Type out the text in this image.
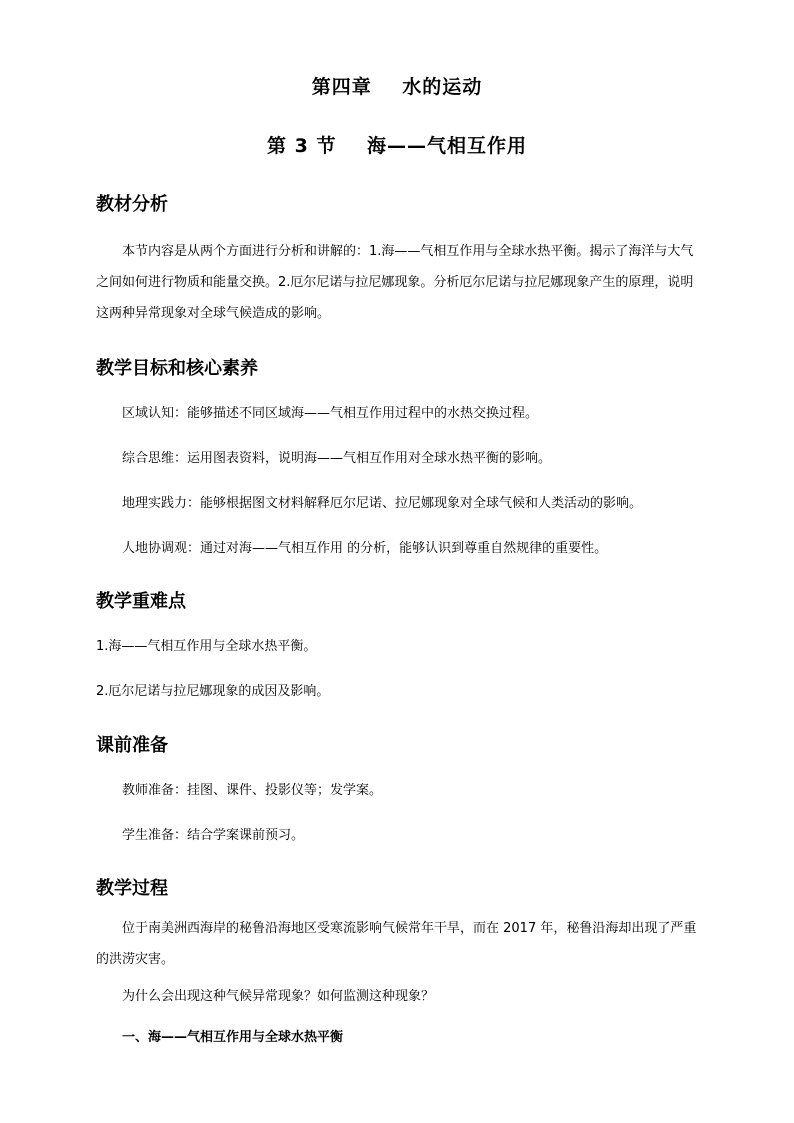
第四章    水的运动
第 3 节    海——气相互作用
教材分析

本节内容是从两个方面进行分析和讲解的：1.海——气相互作用与全球水热平衡。揭示了海洋与大气之间如何进行物质和能量交换。2.厄尔尼诺与拉尼娜现象。分析厄尔尼诺与拉尼娜现象产生的原理，说明这两种异常现象对全球气候造成的影响。

教学目标和核心素养

区域认知：能够描述不同区域海——气相互作用过程中的水热交换过程。

综合思维：运用图表资料，说明海——气相互作用对全球水热平衡的影响。

地理实践力：能够根据图文材料解释厄尔尼诺、拉尼娜现象对全球气候和人类活动的影响。

人地协调观：通过对海——气相互作用 的分析，能够认识到尊重自然规律的重要性。

教学重难点

1.海——气相互作用与全球水热平衡。

2.厄尔尼诺与拉尼娜现象的成因及影响。

课前准备

教师准备：挂图、课件、投影仪等；发学案。

学生准备：结合学案课前预习。

教学过程

位于南美洲西海岸的秘鲁沿海地区受寒流影响气候常年干旱，而在 2017 年，秘鲁沿海却出现了严重的洪涝灾害。

为什么会出现这种气候异常现象？如何监测这种现象？

一、海——气相互作用与全球水热平衡
